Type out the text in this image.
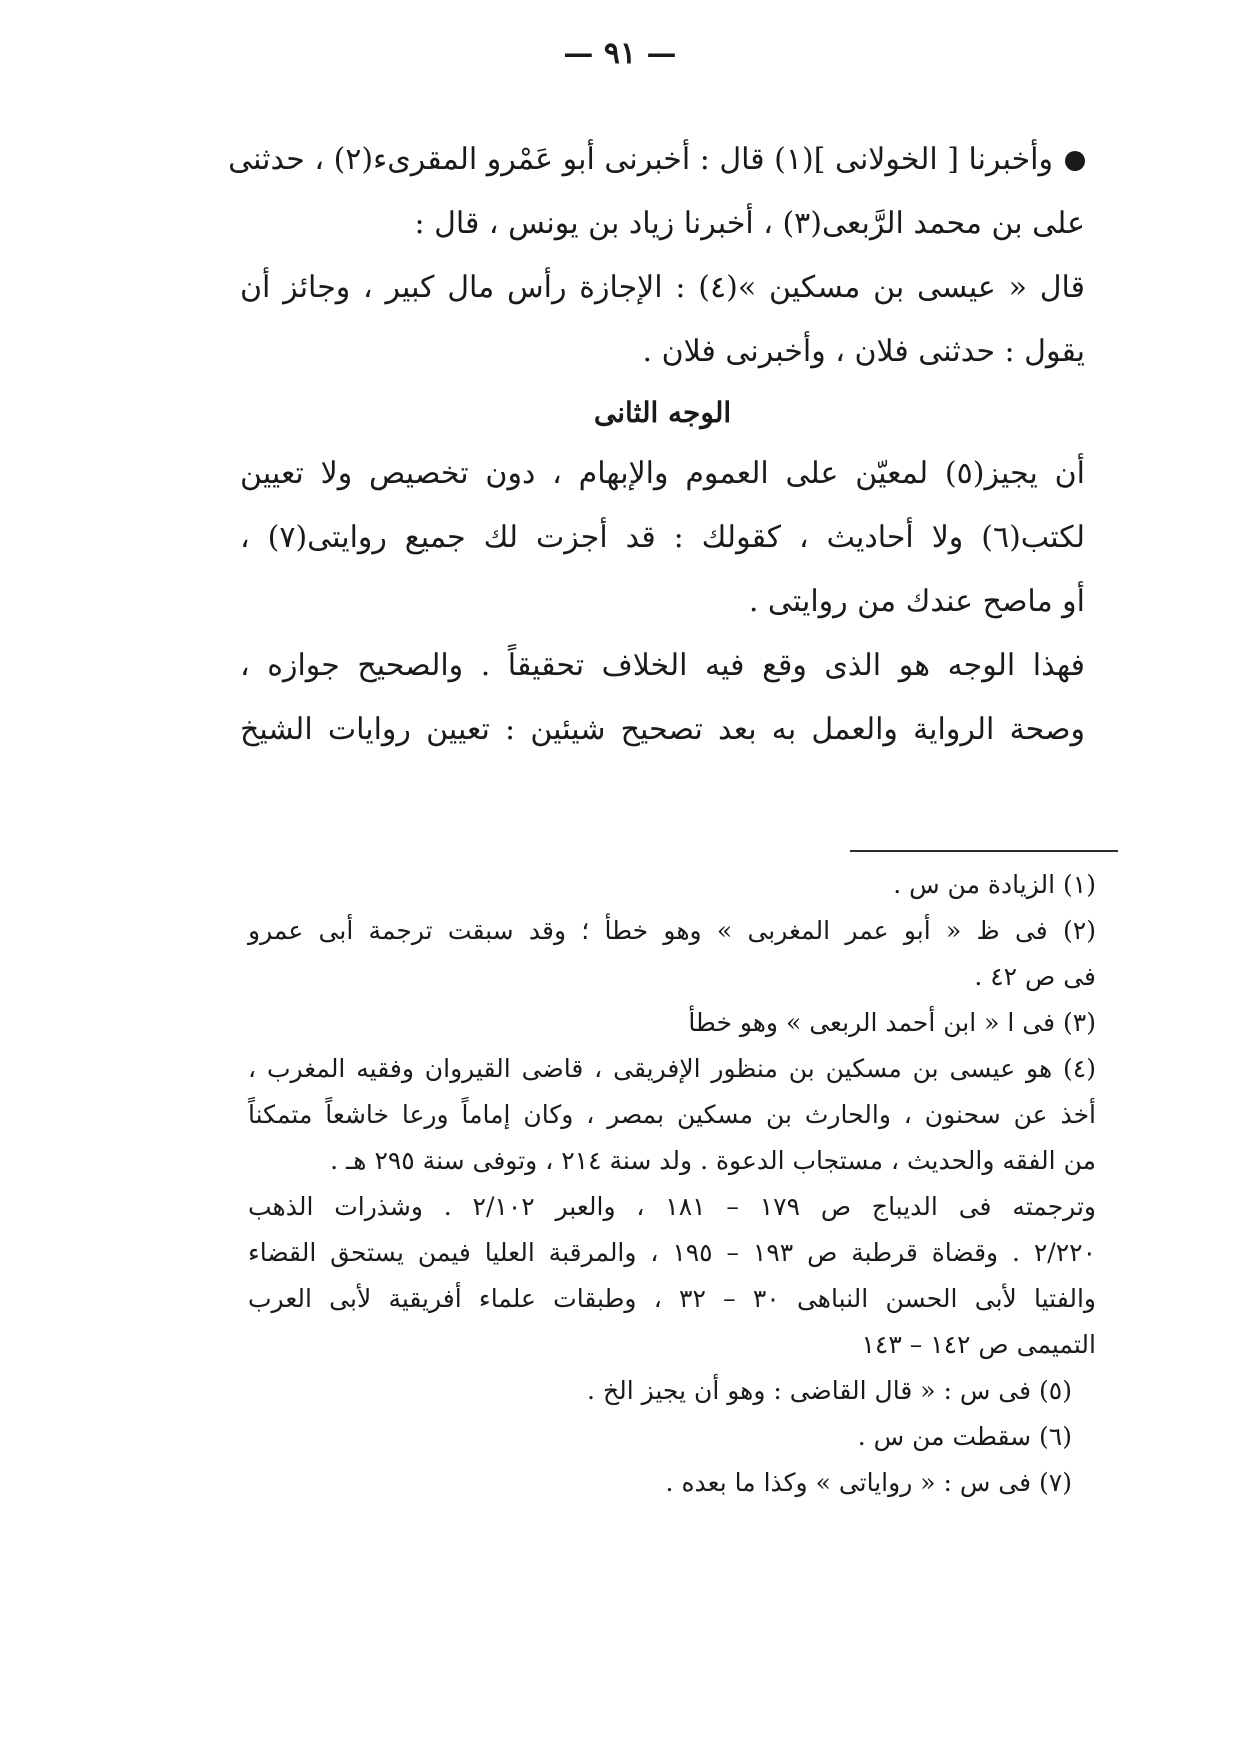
— ٩١ —
وأخبرنا [ الخولانى ](١) قال : أخبرنى أبو عَمْرو المقرىء(٢) ، حدثنى
على بن محمد الرَّبعى(٣) ، أخبرنا زياد بن يونس ، قال :
قال « عيسى بن مسكين »(٤) : الإجازة رأس مال كبير ، وجائز أن
يقول : حدثنى فلان ، وأخبرنى فلان .
الوجه الثانى
أن يجيز(٥) لمعيّن على العموم والإبهام ، دون تخصيص ولا تعيين
لكتب(٦) ولا أحاديث ، كقولك : قد أجزت لك جميع روايتى(٧) ،
أو ماصح عندك من روايتى .
فهذا الوجه هو الذى وقع فيه الخلاف تحقيقاً . والصحيح جوازه ،
وصحة الرواية والعمل به بعد تصحيح شيئين : تعيين روايات الشيخ
(١) الزيادة من س .
(٢) فى ظ « أبو عمر المغربى » وهو خطأ ؛ وقد سبقت ترجمة أبى عمرو
فى ص ٤٢ .
(٣) فى ا « ابن أحمد الربعى » وهو خطأ
(٤) هو عيسى بن مسكين بن منظور الإفريقى ، قاضى القيروان وفقيه المغرب ،
أخذ عن سحنون ، والحارث بن مسكين بمصر ، وكان إماماً ورعا خاشعاً متمكناً
من الفقه والحديث ، مستجاب الدعوة . ولد سنة ٢١٤ ، وتوفى سنة ٢٩٥ هـ .
وترجمته فى الديباج ص ١٧٩ – ١٨١ ، والعبر ٢/١٠٢ . وشذرات الذهب
٢/٢٢٠ . وقضاة قرطبة ص ١٩٣ – ١٩٥ ، والمرقبة العليا فيمن يستحق القضاء
والفتيا لأبى الحسن النباهى ٣٠ – ٣٢ ، وطبقات علماء أفريقية لأبى العرب
التميمى ص ١٤٢ – ١٤٣
(٥) فى س : « قال القاضى : وهو أن يجيز الخ .
(٦) سقطت من س .
(٧) فى س : « رواياتى » وكذا ما بعده .
